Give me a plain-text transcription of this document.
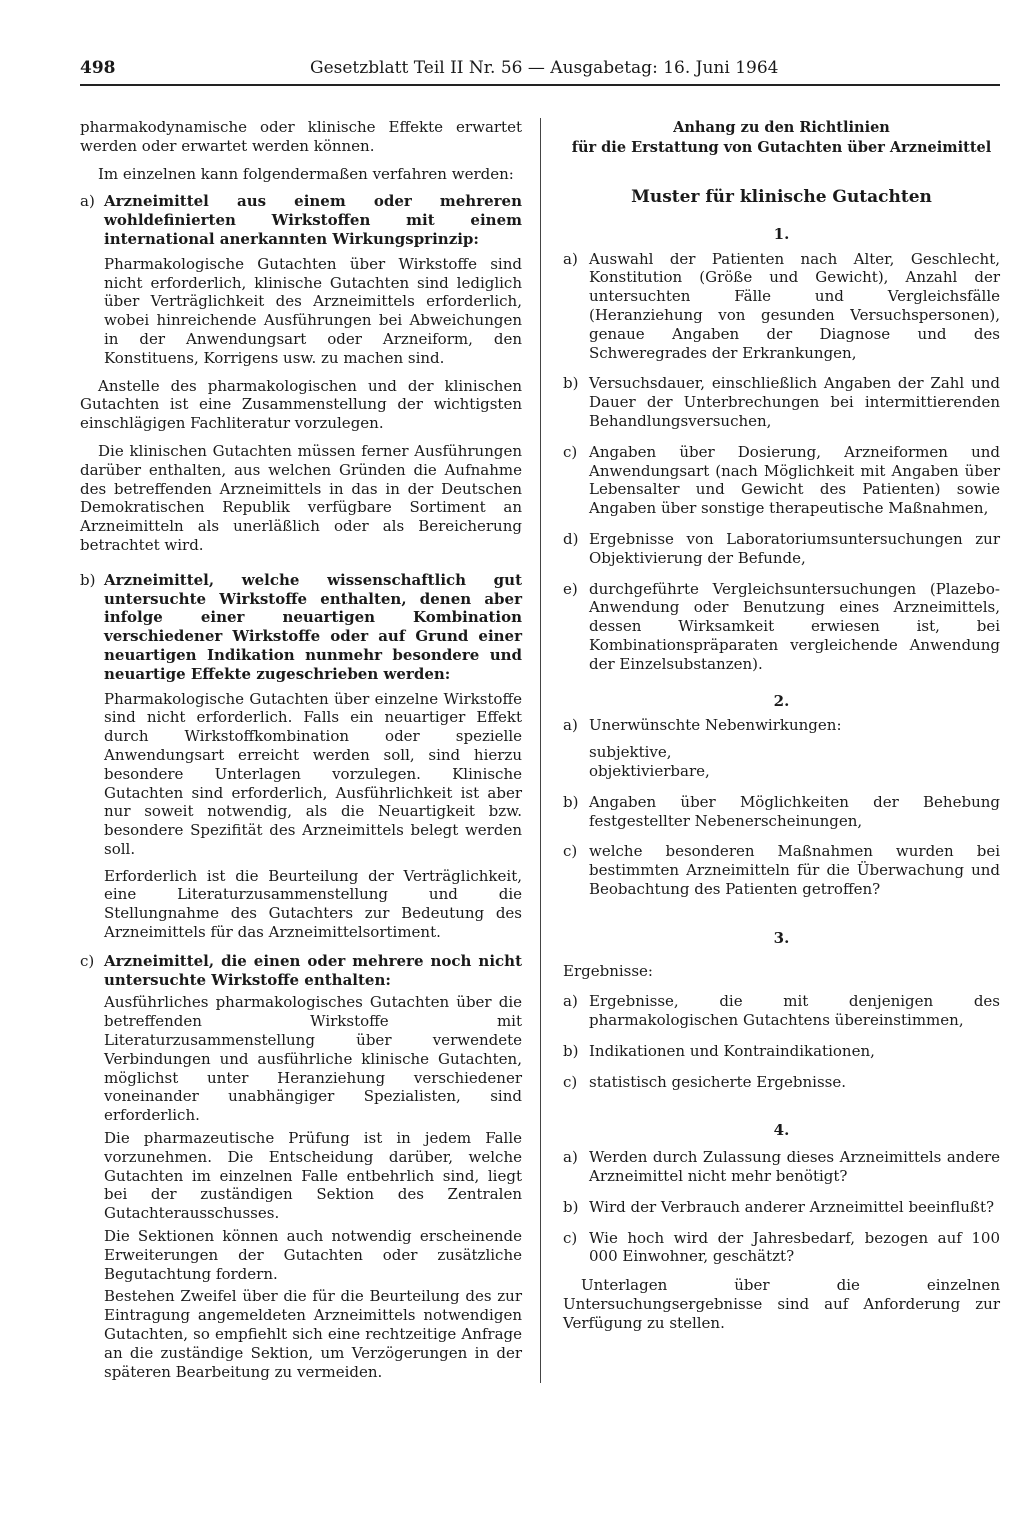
498	Gesetzblatt Teil II Nr. 56 — Ausgabetag: 16. Juni 1964

pharmakodynamische oder klinische Effekte erwartet werden oder erwartet werden können.

Im einzelnen kann folgendermaßen verfahren werden:

a) Arzneimittel aus einem oder mehreren wohldefinierten Wirkstoffen mit einem international anerkannten Wirkungsprinzip:

Pharmakologische Gutachten über Wirkstoffe sind nicht erforderlich, klinische Gutachten sind lediglich über Verträglichkeit des Arzneimittels erforderlich, wobei hinreichende Ausführungen bei Abweichungen in der Anwendungsart oder Arzneiform, den Konstituens, Korrigens usw. zu machen sind.

Anstelle des pharmakologischen und der klinischen Gutachten ist eine Zusammenstellung der wichtigsten einschlägigen Fachliteratur vorzulegen.

Die klinischen Gutachten müssen ferner Ausführungen darüber enthalten, aus welchen Gründen die Aufnahme des betreffenden Arzneimittels in das in der Deutschen Demokratischen Republik verfügbare Sortiment an Arzneimitteln als unerläßlich oder als Bereicherung betrachtet wird.

b) Arzneimittel, welche wissenschaftlich gut untersuchte Wirkstoffe enthalten, denen aber infolge einer neuartigen Kombination verschiedener Wirkstoffe oder auf Grund einer neuartigen Indikation nunmehr besondere und neuartige Effekte zugeschrieben werden:

Pharmakologische Gutachten über einzelne Wirkstoffe sind nicht erforderlich. Falls ein neuartiger Effekt durch Wirkstoffkombination oder spezielle Anwendungsart erreicht werden soll, sind hierzu besondere Unterlagen vorzulegen. Klinische Gutachten sind erforderlich, Ausführlichkeit ist aber nur soweit notwendig, als die Neuartigkeit bzw. besondere Spezifität des Arzneimittels belegt werden soll.

Erforderlich ist die Beurteilung der Verträglichkeit, eine Literaturzusammenstellung und die Stellungnahme des Gutachters zur Bedeutung des Arzneimittels für das Arzneimittelsortiment.

c) Arzneimittel, die einen oder mehrere noch nicht untersuchte Wirkstoffe enthalten:

Ausführliches pharmakologisches Gutachten über die betreffenden Wirkstoffe mit Literaturzusammenstellung über verwendete Verbindungen und ausführliche klinische Gutachten, möglichst unter Heranziehung verschiedener voneinander unabhängiger Spezialisten, sind erforderlich.

Die pharmazeutische Prüfung ist in jedem Falle vorzunehmen. Die Entscheidung darüber, welche Gutachten im einzelnen Falle entbehrlich sind, liegt bei der zuständigen Sektion des Zentralen Gutachterausschusses.

Die Sektionen können auch notwendig erscheinende Erweiterungen der Gutachten oder zusätzliche Begutachtung fordern.

Bestehen Zweifel über die für die Beurteilung des zur Eintragung angemeldeten Arzneimittels notwendigen Gutachten, so empfiehlt sich eine rechtzeitige Anfrage an die zuständige Sektion, um Verzögerungen in der späteren Bearbeitung zu vermeiden.

Anhang zu den Richtlinien

für die Erstattung von Gutachten über Arzneimittel

Muster für klinische Gutachten

1.

a) Auswahl der Patienten nach Alter, Geschlecht, Konstitution (Größe und Gewicht), Anzahl der untersuchten Fälle und Vergleichsfälle (Heranziehung von gesunden Versuchspersonen), genaue Angaben der Diagnose und des Schweregrades der Erkrankungen,

b) Versuchsdauer, einschließlich Angaben der Zahl und Dauer der Unterbrechungen bei intermittierenden Behandlungsversuchen,

c) Angaben über Dosierung, Arzneiformen und Anwendungsart (nach Möglichkeit mit Angaben über Lebensalter und Gewicht des Patienten) sowie Angaben über sonstige therapeutische Maßnahmen,

d) Ergebnisse von Laboratoriumsuntersuchungen zur Objektivierung der Befunde,

e) durchgeführte Vergleichsuntersuchungen (Plazebo-Anwendung oder Benutzung eines Arzneimittels, dessen Wirksamkeit erwiesen ist, bei Kombinationspräparaten vergleichende Anwendung der Einzelsubstanzen).

2.

a) Unerwünschte Nebenwirkungen:

subjektive,

objektivierbare,

b) Angaben über Möglichkeiten der Behebung festgestellter Nebenerscheinungen,

c) welche besonderen Maßnahmen wurden bei bestimmten Arzneimitteln für die Überwachung und Beobachtung des Patienten getroffen?

3.

Ergebnisse:

a) Ergebnisse, die mit denjenigen des pharmakologischen Gutachtens übereinstimmen,

b) Indikationen und Kontraindikationen,

c) statistisch gesicherte Ergebnisse.

4.

a) Werden durch Zulassung dieses Arzneimittels andere Arzneimittel nicht mehr benötigt?

b) Wird der Verbrauch anderer Arzneimittel beeinflußt?

c) Wie hoch wird der Jahresbedarf, bezogen auf 100 000 Einwohner, geschätzt?

Unterlagen über die einzelnen Untersuchungsergebnisse sind auf Anforderung zur Verfügung zu stellen.
